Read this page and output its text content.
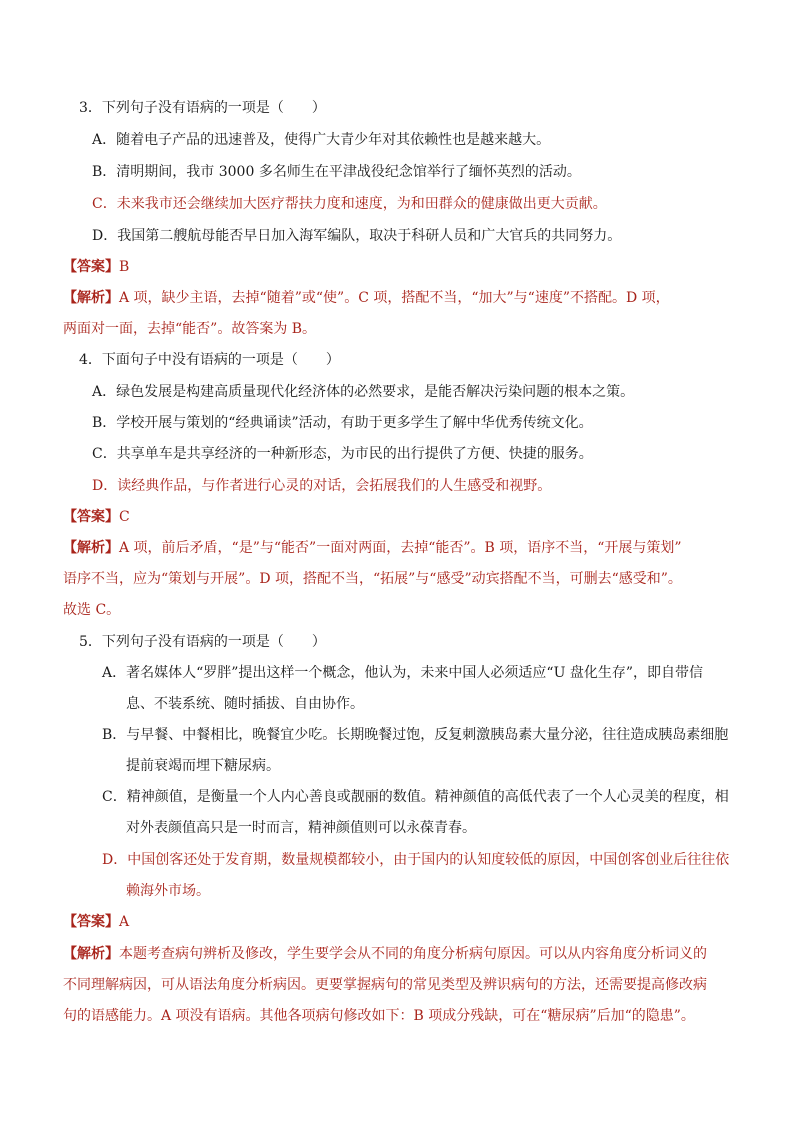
3．下列句子没有语病的一项是（　　）
A．随着电子产品的迅速普及，使得广大青少年对其依赖性也是越来越大。
B．清明期间，我市 3000 多名师生在平津战役纪念馆举行了缅怀英烈的活动。
C．未来我市还会继续加大医疗帮扶力度和速度，为和田群众的健康做出更大贡献。
D．我国第二艘航母能否早日加入海军编队，取决于科研人员和广大官兵的共同努力。
【答案】B
【解析】A 项，缺少主语，去掉“随着”或“使”。C 项，搭配不当，“加大”与“速度”不搭配。D 项，
两面对一面，去掉“能否”。故答案为 B。
4．下面句子中没有语病的一项是（　　）
A．绿色发展是构建高质量现代化经济体的必然要求，是能否解决污染问题的根本之策。
B．学校开展与策划的“经典诵读”活动，有助于更多学生了解中华优秀传统文化。
C．共享单车是共享经济的一种新形态，为市民的出行提供了方便、快捷的服务。
D．读经典作品，与作者进行心灵的对话，会拓展我们的人生感受和视野。
【答案】C
【解析】A 项，前后矛盾，“是”与“能否”一面对两面，去掉“能否”。B 项，语序不当，“开展与策划”
语序不当，应为“策划与开展”。D 项，搭配不当，“拓展”与“感受”动宾搭配不当，可删去“感受和”。
故选 C。
5．下列句子没有语病的一项是（　　）
A．著名媒体人“罗胖”提出这样一个概念，他认为，未来中国人必须适应“U 盘化生存”，即自带信
息、不装系统、随时插拔、自由协作。
B．与早餐、中餐相比，晚餐宜少吃。长期晚餐过饱，反复刺激胰岛素大量分泌，往往造成胰岛素细胞
提前衰竭而埋下糖尿病。
C．精神颜值，是衡量一个人内心善良或靓丽的数值。精神颜值的高低代表了一个人心灵美的程度，相
对外表颜值高只是一时而言，精神颜值则可以永葆青春。
D．中国创客还处于发育期，数量规模都较小，由于国内的认知度较低的原因，中国创客创业后往往依
赖海外市场。
【答案】A
【解析】本题考查病句辨析及修改，学生要学会从不同的角度分析病句原因。可以从内容角度分析词义的
不同理解病因，可从语法角度分析病因。更要掌握病句的常见类型及辨识病句的方法，还需要提高修改病
句的语感能力。A 项没有语病。其他各项病句修改如下：B 项成分残缺，可在“糖尿病”后加“的隐患”。
